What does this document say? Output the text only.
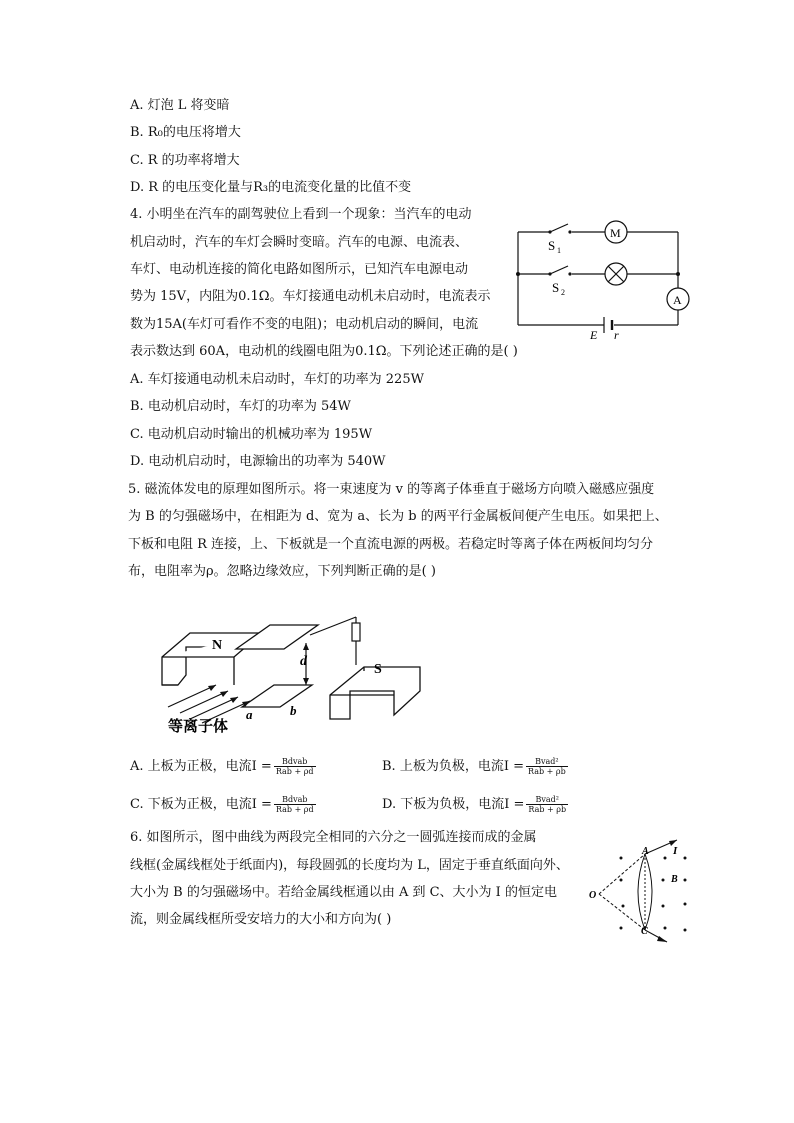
A. 灯泡 L 将变暗
B. R₀的电压将增大
C. R 的功率将增大
D. R 的电压变化量与R₃的电流变化量的比值不变
4. 小明坐在汽车的副驾驶位上看到一个现象：当汽车的电动
机启动时，汽车的车灯会瞬时变暗。汽车的电源、电流表、
车灯、电动机连接的简化电路如图所示，已知汽车电源电动
势为 15V，内阻为0.1Ω。车灯接通电动机未启动时，电流表示
数为15A(车灯可看作不变的电阻)；电动机启动的瞬间，电流
表示数达到 60A，电动机的线圈电阻为0.1Ω。下列论述正确的是( )
A. 车灯接通电动机未启动时，车灯的功率为 225W
B. 电动机启动时，车灯的功率为 54W
C. 电动机启动时输出的机械功率为 195W
D. 电动机启动时，电源输出的功率为 540W
S 1
S 2
M
A
E r
5. 磁流体发电的原理如图所示。将一束速度为 v 的等离子体垂直于磁场方向喷入磁感应强度
为 B 的匀强磁场中，在相距为 d、宽为 a、长为 b 的两平行金属板间便产生电压。如果把上、
下板和电阻 R 连接，上、下板就是一个直流电源的两极。若稳定时等离子体在两板间均匀分
布，电阻率为ρ。忽略边缘效应，下列判断正确的是( )
N
S
d
a	b
等离子体
A. 上板为正极，电流$I = \frac{\text{Bdvab}}{\text{Rab + ρd}}$	B. 上板为负极，电流$I = \frac{\text{Bvad²}}{\text{Rab + ρb}}$
C. 下板为正极，电流$I = \frac{\text{Bdvab}}{\text{Rab + ρd}}$	D. 下板为负极，电流$I = \frac{\text{Bvad²}}{\text{Rab + ρb}}$
6. 如图所示，图中曲线为两段完全相同的六分之一圆弧连接而成的金属
线框(金属线框处于纸面内)，每段圆弧的长度均为 L，固定于垂直纸面向外、
大小为 B 的匀强磁场中。若给金属线框通以由 A 到 C、大小为 I 的恒定电
流，则金属线框所受安培力的大小和方向为( )
A
C
O
B
I
